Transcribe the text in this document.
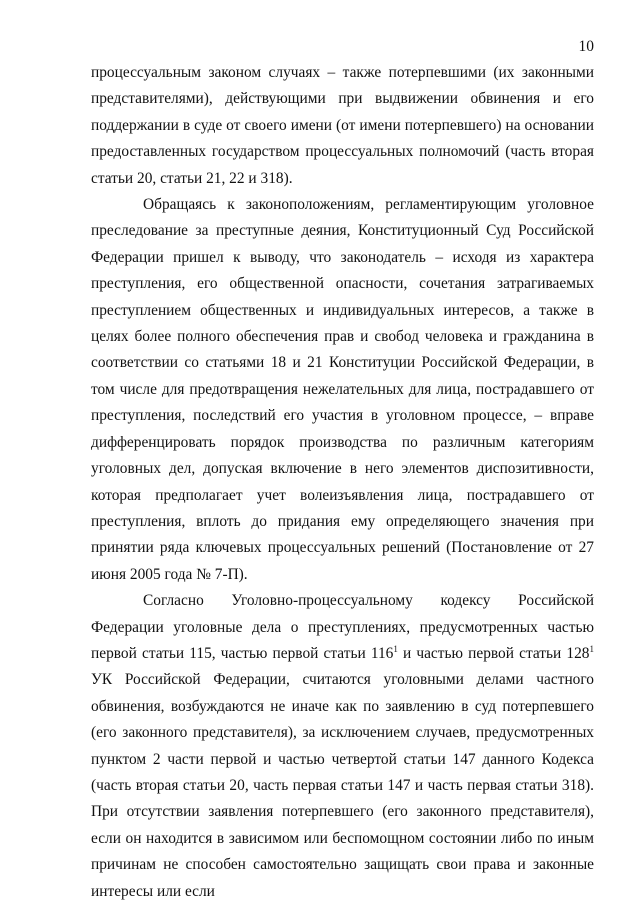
10

процессуальным законом случаях – также потерпевшими (их законными представителями), действующими при выдвижении обвинения и его поддержании в суде от своего имени (от имени потерпевшего) на основании предоставленных государством процессуальных полномочий (часть вторая статьи 20, статьи 21, 22 и 318).

Обращаясь к законоположениям, регламентирующим уголовное преследование за преступные деяния, Конституционный Суд Российской Федерации пришел к выводу, что законодатель – исходя из характера преступления, его общественной опасности, сочетания затрагиваемых преступлением общественных и индивидуальных интересов, а также в целях более полного обеспечения прав и свобод человека и гражданина в соответствии со статьями 18 и 21 Конституции Российской Федерации, в том числе для предотвращения нежелательных для лица, пострадавшего от преступления, последствий его участия в уголовном процессе, – вправе дифференцировать порядок производства по различным категориям уголовных дел, допуская включение в него элементов диспозитивности, которая предполагает учет волеизъявления лица, пострадавшего от преступления, вплоть до придания ему определяющего значения при принятии ряда ключевых процессуальных решений (Постановление от 27 июня 2005 года № 7-П).

Согласно Уголовно-процессуальному кодексу Российской Федерации уголовные дела о преступлениях, предусмотренных частью первой статьи 115, частью первой статьи $116^1$ и частью первой статьи $128^1$ УК Российской Федерации, считаются уголовными делами частного обвинения, возбуждаются не иначе как по заявлению в суд потерпевшего (его законного представителя), за исключением случаев, предусмотренных пунктом 2 части первой и частью четвертой статьи 147 данного Кодекса (часть вторая статьи 20, часть первая статьи 147 и часть первая статьи 318). При отсутствии заявления потерпевшего (его законного представителя), если он находится в зависимом или беспомощном состоянии либо по иным причинам не способен самостоятельно защищать свои права и законные интересы или если
